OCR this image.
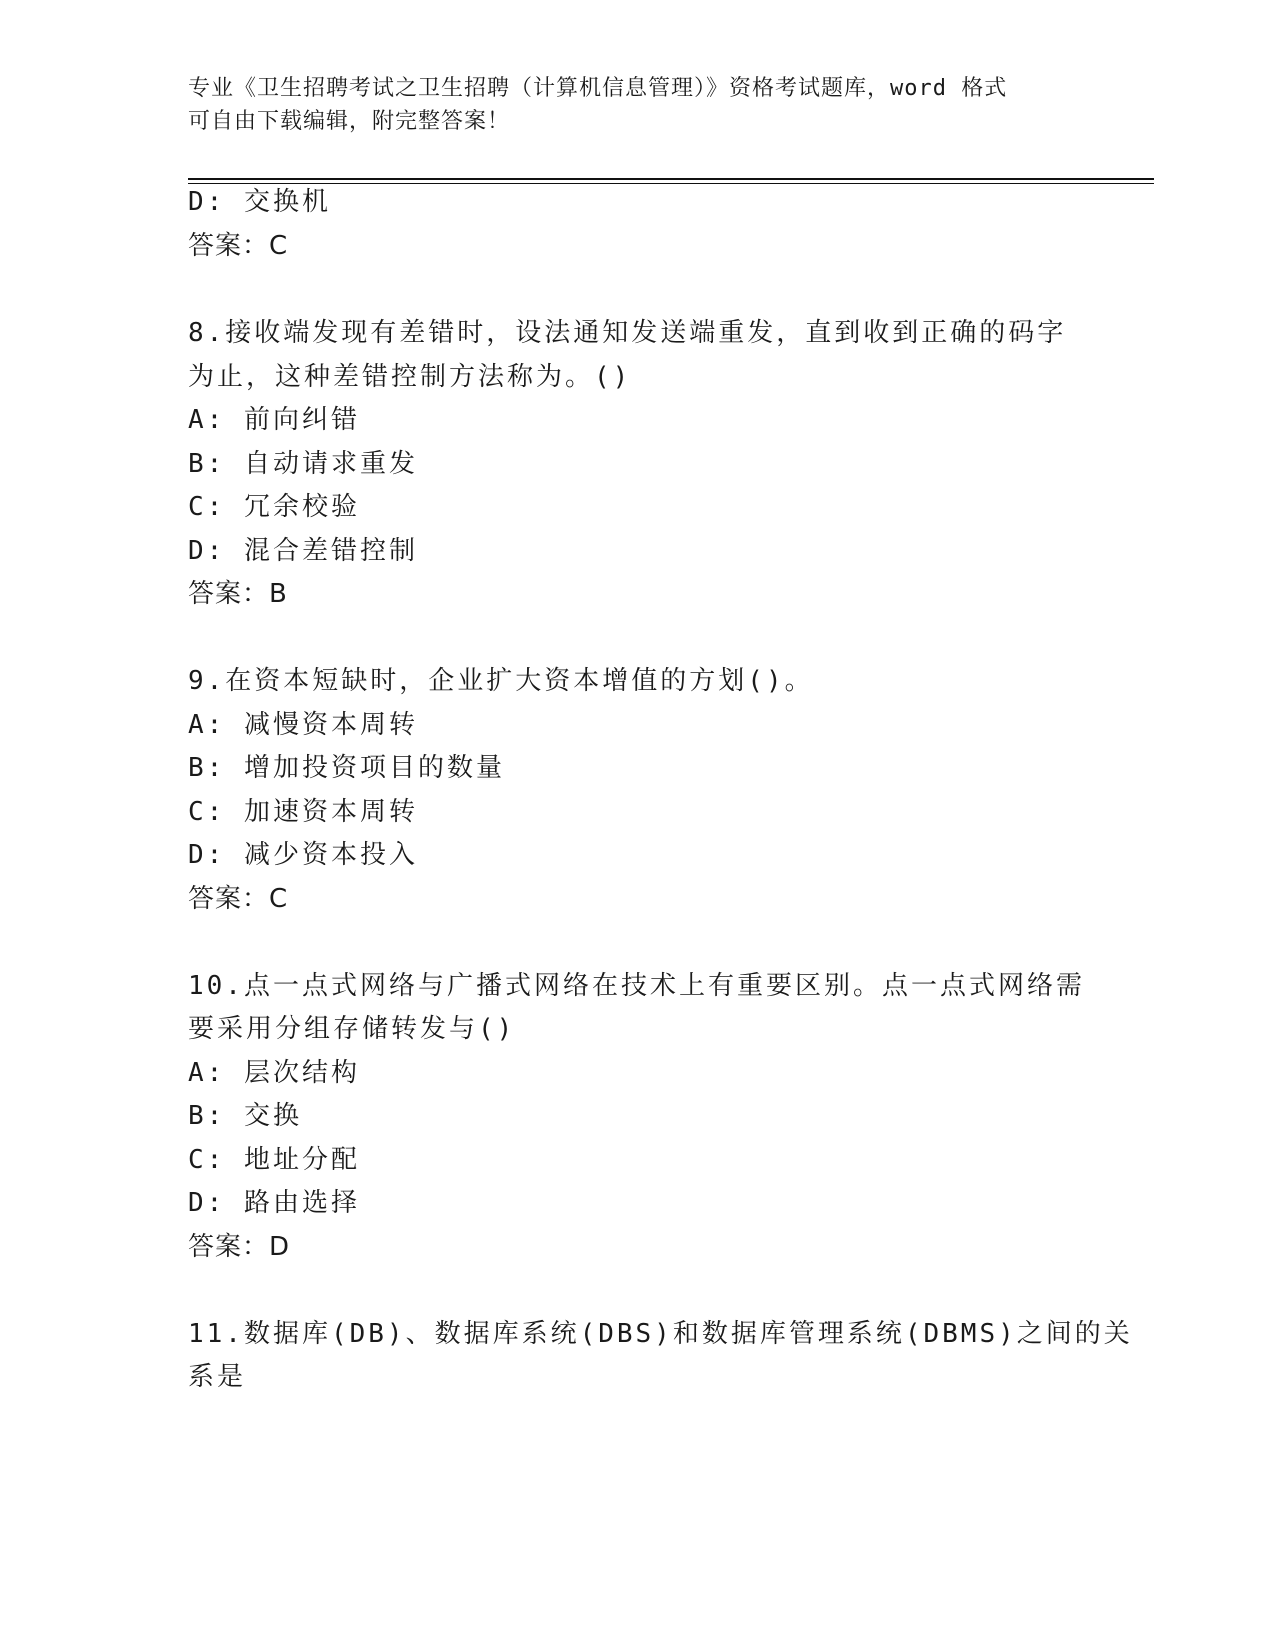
专业《卫生招聘考试之卫生招聘（计算机信息管理）》资格考试题库，word 格式
可自由下载编辑，附完整答案！
D: 交换机
答案：C
8.接收端发现有差错时，设法通知发送端重发，直到收到正确的码字
为止，这种差错控制方法称为。()
A: 前向纠错
B: 自动请求重发
C: 冗余校验
D: 混合差错控制
答案：B
9.在资本短缺时，企业扩大资本增值的方划()。
A: 减慢资本周转
B: 增加投资项目的数量
C: 加速资本周转
D: 减少资本投入
答案：C
10.点一点式网络与广播式网络在技术上有重要区别。点一点式网络需
要采用分组存储转发与()
A: 层次结构
B: 交换
C: 地址分配
D: 路由选择
答案：D
11.数据库(DB)、数据库系统(DBS)和数据库管理系统(DBMS)之间的关
系是
